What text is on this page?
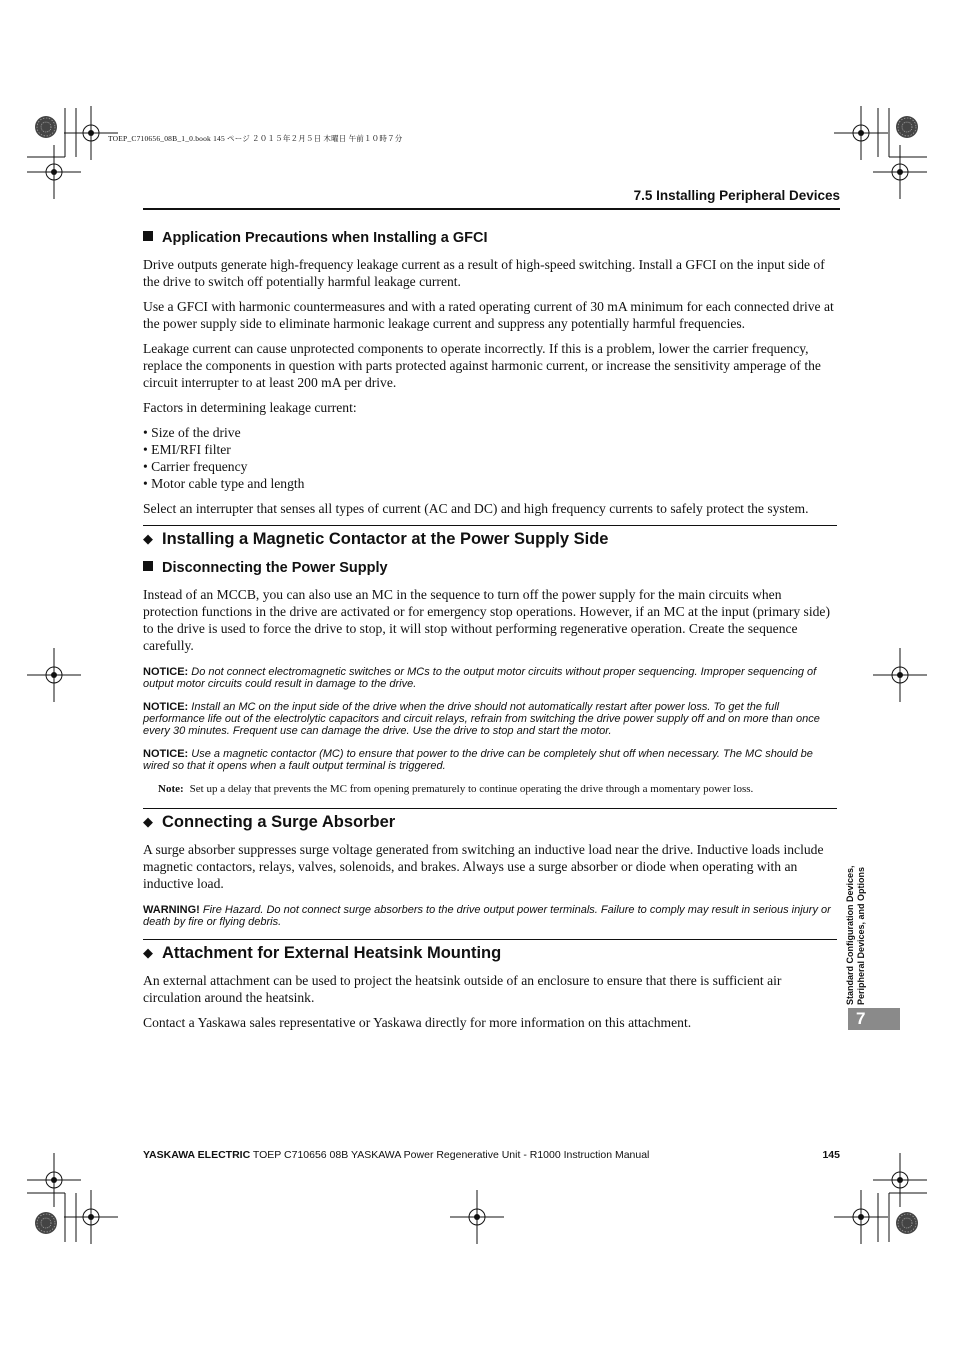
TOEP_C710656_08B_1_0.book 145 ページ ２０１５年２月５日 木曜日 午前１０時７分
7.5 Installing Peripheral Devices
Application Precautions when Installing a GFCI

Drive outputs generate high-frequency leakage current as a result of high-speed switching. Install a GFCI on the input side of the drive to switch off potentially harmful leakage current.

Use a GFCI with harmonic countermeasures and with a rated operating current of 30 mA minimum for each connected drive at the power supply side to eliminate harmonic leakage current and suppress any potentially harmful frequencies.

Leakage current can cause unprotected components to operate incorrectly. If this is a problem, lower the carrier frequency, replace the components in question with parts protected against harmonic current, or increase the sensitivity amperage of the circuit interrupter to at least 200 mA per drive.

Factors in determining leakage current:

• Size of the drive
• EMI/RFI filter
• Carrier frequency
• Motor cable type and length

Select an interrupter that senses all types of current (AC and DC) and high frequency currents to safely protect the system.

◆ Installing a Magnetic Contactor at the Power Supply Side
Disconnecting the Power Supply

Instead of an MCCB, you can also use an MC in the sequence to turn off the power supply for the main circuits when protection functions in the drive are activated or for emergency stop operations. However, if an MC at the input (primary side) to the drive is used to force the drive to stop, it will stop without performing regenerative operation. Create the sequence carefully.

NOTICE: Do not connect electromagnetic switches or MCs to the output motor circuits without proper sequencing. Improper sequencing of output motor circuits could result in damage to the drive.

NOTICE: Install an MC on the input side of the drive when the drive should not automatically restart after power loss. To get the full performance life out of the electrolytic capacitors and circuit relays, refrain from switching the drive power supply off and on more than once every 30 minutes. Frequent use can damage the drive. Use the drive to stop and start the motor.

NOTICE: Use a magnetic contactor (MC) to ensure that power to the drive can be completely shut off when necessary. The MC should be wired so that it opens when a fault output terminal is triggered.

Note: Set up a delay that prevents the MC from opening prematurely to continue operating the drive through a momentary power loss.

◆ Connecting a Surge Absorber

A surge absorber suppresses surge voltage generated from switching an inductive load near the drive. Inductive loads include magnetic contactors, relays, valves, solenoids, and brakes. Always use a surge absorber or diode when operating with an inductive load.

WARNING! Fire Hazard. Do not connect surge absorbers to the drive output power terminals. Failure to comply may result in serious injury or death by fire or flying debris.

◆ Attachment for External Heatsink Mounting

An external attachment can be used to project the heatsink outside of an enclosure to ensure that there is sufficient air circulation around the heatsink.

Contact a Yaskawa sales representative or Yaskawa directly for more information on this attachment.

Standard Configuration Devices, Peripheral Devices, and Options
7
YASKAWA ELECTRIC TOEP C710656 08B YASKAWA Power Regenerative Unit - R1000 Instruction Manual	145
